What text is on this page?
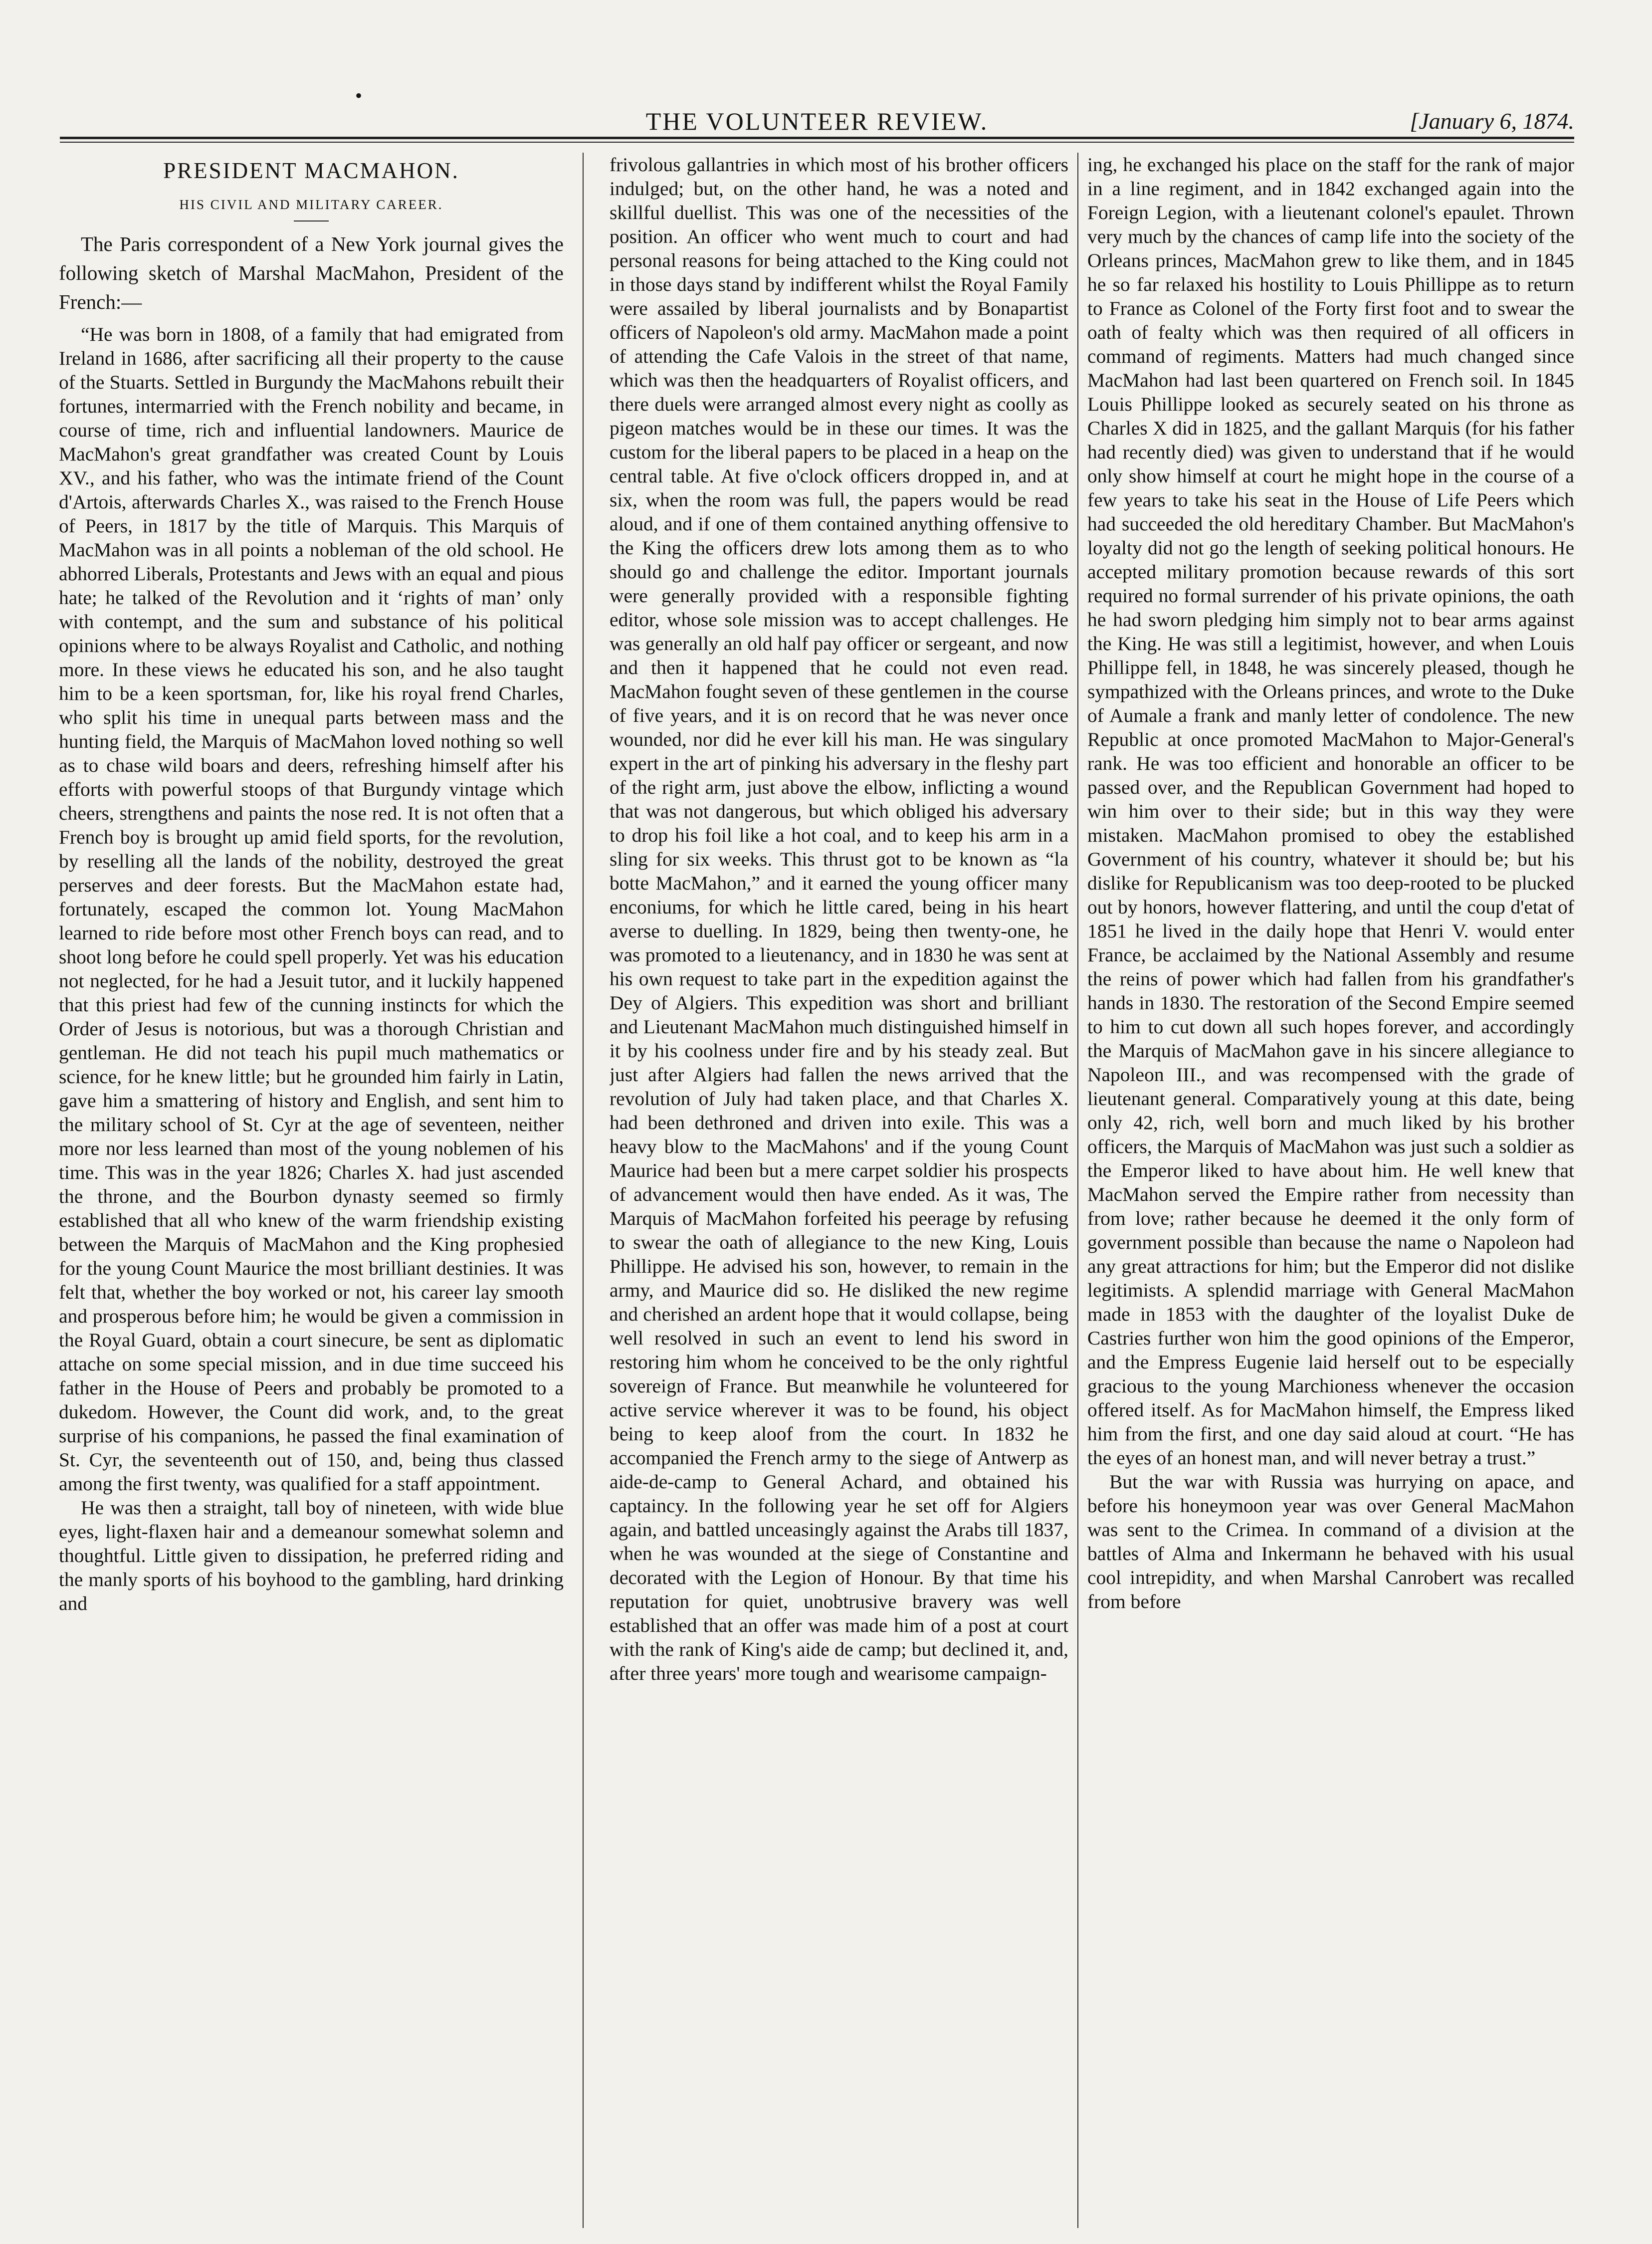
•
THE VOLUNTEER REVIEW.	[January 6, 1874.

PRESIDENT MACMAHON.

HIS CIVIL AND MILITARY CAREER.

The Paris correspondent of a New York journal gives the following sketch of Marshal MacMahon, President of the French:—

“He was born in 1808, of a family that had emigrated from Ireland in 1686, after sacrificing all their property to the cause of the Stuarts. Settled in Burgundy the MacMahons rebuilt their fortunes, intermarried with the French nobility and became, in course of time, rich and influential landowners. Maurice de MacMahon's great grandfather was created Count by Louis XV., and his father, who was the intimate friend of the Count d'Artois, afterwards Charles X., was raised to the French House of Peers, in 1817 by the title of Marquis. This Marquis of MacMahon was in all points a nobleman of the old school. He abhorred Liberals, Protestants and Jews with an equal and pious hate; he talked of the Revolution and it ‘rights of man’ only with contempt, and the sum and substance of his political opinions where to be always Royalist and Catholic, and nothing more. In these views he educated his son, and he also taught him to be a keen sportsman, for, like his royal frend Charles, who split his time in unequal parts between mass and the hunting field, the Marquis of MacMahon loved nothing so well as to chase wild boars and deers, refreshing himself after his efforts with powerful stoops of that Burgundy vintage which cheers, strengthens and paints the nose red. It is not often that a French boy is brought up amid field sports, for the revolution, by reselling all the lands of the nobility, destroyed the great perserves and deer forests. But the MacMahon estate had, fortunately, escaped the common lot. Young MacMahon learned to ride before most other French boys can read, and to shoot long before he could spell properly. Yet was his education not neglected, for he had a Jesuit tutor, and it luckily happened that this priest had few of the cunning instincts for which the Order of Jesus is notorious, but was a thorough Christian and gentleman. He did not teach his pupil much mathematics or science, for he knew little; but he grounded him fairly in Latin, gave him a smattering of history and English, and sent him to the military school of St. Cyr at the age of seventeen, neither more nor less learned than most of the young noblemen of his time. This was in the year 1826; Charles X. had just ascended the throne, and the Bourbon dynasty seemed so firmly established that all who knew of the warm friendship existing between the Marquis of MacMahon and the King prophesied for the young Count Maurice the most brilliant destinies. It was felt that, whether the boy worked or not, his career lay smooth and prosperous before him; he would be given a commission in the Royal Guard, obtain a court sinecure, be sent as diplomatic attache on some special mission, and in due time succeed his father in the House of Peers and probably be promoted to a dukedom. However, the Count did work, and, to the great surprise of his companions, he passed the final examination of St. Cyr, the seventeenth out of 150, and, being thus classed among the first twenty, was qualified for a staff appointment.

He was then a straight, tall boy of nineteen, with wide blue eyes, light-flaxen hair and a demeanour somewhat solemn and thoughtful. Little given to dissipation, he preferred riding and the manly sports of his boyhood to the gambling, hard drinking and

frivolous gallantries in which most of his brother officers indulged; but, on the other hand, he was a noted and skillful duellist. This was one of the necessities of the position. An officer who went much to court and had personal reasons for being attached to the King could not in those days stand by indifferent whilst the Royal Family were assailed by liberal journalists and by Bonapartist officers of Napoleon's old army. MacMahon made a point of attending the Cafe Valois in the street of that name, which was then the headquarters of Royalist officers, and there duels were arranged almost every night as coolly as pigeon matches would be in these our times. It was the custom for the liberal papers to be placed in a heap on the central table. At five o'clock officers dropped in, and at six, when the room was full, the papers would be read aloud, and if one of them contained anything offensive to the King the officers drew lots among them as to who should go and challenge the editor. Important journals were generally provided with a responsible fighting editor, whose sole mission was to accept challenges. He was generally an old half pay officer or sergeant, and now and then it happened that he could not even read. MacMahon fought seven of these gentlemen in the course of five years, and it is on record that he was never once wounded, nor did he ever kill his man. He was singulary expert in the art of pinking his adversary in the fleshy part of the right arm, just above the elbow, inflicting a wound that was not dangerous, but which obliged his adversary to drop his foil like a hot coal, and to keep his arm in a sling for six weeks. This thrust got to be known as “la botte MacMahon,” and it earned the young officer many enconiums, for which he little cared, being in his heart averse to duelling. In 1829, being then twenty-one, he was promoted to a lieutenancy, and in 1830 he was sent at his own request to take part in the expedition against the Dey of Algiers. This expedition was short and brilliant and Lieutenant MacMahon much distinguished himself in it by his coolness under fire and by his steady zeal. But just after Algiers had fallen the news arrived that the revolution of July had taken place, and that Charles X. had been dethroned and driven into exile. This was a heavy blow to the MacMahons' and if the young Count Maurice had been but a mere carpet soldier his prospects of advancement would then have ended. As it was, The Marquis of MacMahon forfeited his peerage by refusing to swear the oath of allegiance to the new King, Louis Phillippe. He advised his son, however, to remain in the army, and Maurice did so. He disliked the new regime and cherished an ardent hope that it would collapse, being well resolved in such an event to lend his sword in restoring him whom he conceived to be the only rightful sovereign of France. But meanwhile he volunteered for active service wherever it was to be found, his object being to keep aloof from the court. In 1832 he accompanied the French army to the siege of Antwerp as aide-de-camp to General Achard, and obtained his captaincy. In the following year he set off for Algiers again, and battled unceasingly against the Arabs till 1837, when he was wounded at the siege of Constantine and decorated with the Legion of Honour. By that time his reputation for quiet, unobtrusive bravery was well established that an offer was made him of a post at court with the rank of King's aide de camp; but declined it, and, after three years' more tough and wearisome campaign-

ing, he exchanged his place on the staff for the rank of major in a line regiment, and in 1842 exchanged again into the Foreign Legion, with a lieutenant colonel's epaulet. Thrown very much by the chances of camp life into the society of the Orleans princes, MacMahon grew to like them, and in 1845 he so far relaxed his hostility to Louis Phillippe as to return to France as Colonel of the Forty first foot and to swear the oath of fealty which was then required of all officers in command of regiments. Matters had much changed since MacMahon had last been quartered on French soil. In 1845 Louis Phillippe looked as securely seated on his throne as Charles X did in 1825, and the gallant Marquis (for his father had recently died) was given to understand that if he would only show himself at court he might hope in the course of a few years to take his seat in the House of Life Peers which had succeeded the old hereditary Chamber. But MacMahon's loyalty did not go the length of seeking political honours. He accepted military promotion because rewards of this sort required no formal surrender of his private opinions, the oath he had sworn pledging him simply not to bear arms against the King. He was still a legitimist, however, and when Louis Phillippe fell, in 1848, he was sincerely pleased, though he sympathized with the Orleans princes, and wrote to the Duke of Aumale a frank and manly letter of condolence. The new Republic at once promoted MacMahon to Major-General's rank. He was too efficient and honorable an officer to be passed over, and the Republican Government had hoped to win him over to their side; but in this way they were mistaken. MacMahon promised to obey the established Government of his country, whatever it should be; but his dislike for Republicanism was too deep-rooted to be plucked out by honors, however flattering, and until the coup d'etat of 1851 he lived in the daily hope that Henri V. would enter France, be acclaimed by the National Assembly and resume the reins of power which had fallen from his grandfather's hands in 1830. The restoration of the Second Empire seemed to him to cut down all such hopes forever, and accordingly the Marquis of MacMahon gave in his sincere allegiance to Napoleon III., and was recompensed with the grade of lieutenant general. Comparatively young at this date, being only 42, rich, well born and much liked by his brother officers, the Marquis of MacMahon was just such a soldier as the Emperor liked to have about him. He well knew that MacMahon served the Empire rather from necessity than from love; rather because he deemed it the only form of government possible than because the name o Napoleon had any great attractions for him; but the Emperor did not dislike legitimists. A splendid marriage with General MacMahon made in 1853 with the daughter of the loyalist Duke de Castries further won him the good opinions of the Emperor, and the Empress Eugenie laid herself out to be especially gracious to the young Marchioness whenever the occasion offered itself. As for MacMahon himself, the Empress liked him from the first, and one day said aloud at court. “He has the eyes of an honest man, and will never betray a trust.”

But the war with Russia was hurrying on apace, and before his honeymoon year was over General MacMahon was sent to the Crimea. In command of a division at the battles of Alma and Inkermann he behaved with his usual cool intrepidity, and when Marshal Canrobert was recalled from before
